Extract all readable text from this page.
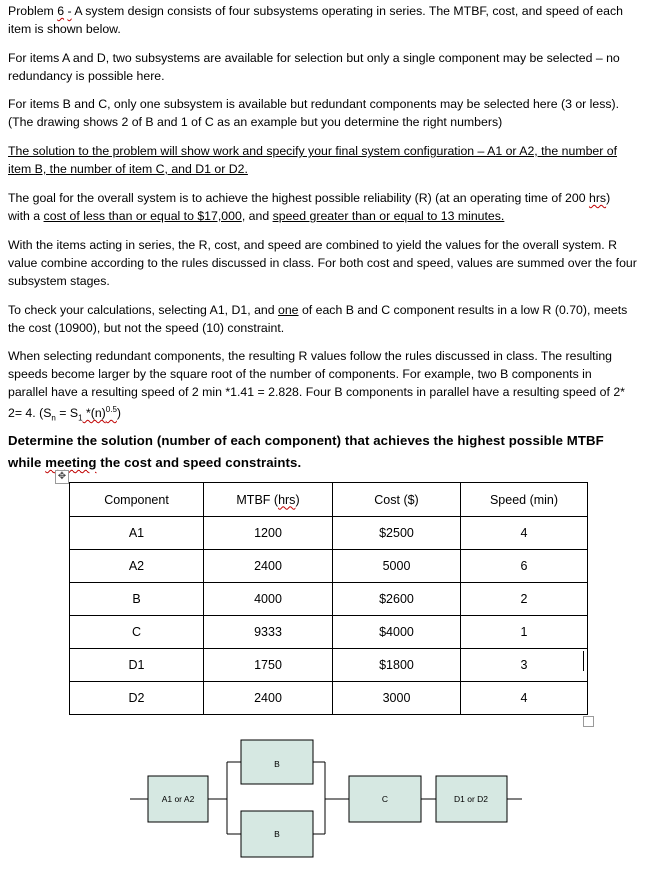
Problem 6 - A system design consists of four subsystems operating in series. The MTBF, cost, and speed of each
item is shown below.

For items A and D, two subsystems are available for selection but only a single component may be selected – no
redundancy is possible here.

For items B and C, only one subsystem is available but redundant components may be selected here (3 or less).
(The drawing shows 2 of B and 1 of C as an example but you determine the right numbers)

The solution to the problem will show work and specify your final system configuration – A1 or A2, the number of
item B, the number of item C, and D1 or D2.

The goal for the overall system is to achieve the highest possible reliability (R) (at an operating time of 200 hrs)
with a cost of less than or equal to $17,000, and speed greater than or equal to 13 minutes.

With the items acting in series, the R, cost, and speed are combined to yield the values for the overall system. R
value combine according to the rules discussed in class. For both cost and speed, values are summed over the four
subsystem stages.

To check your calculations, selecting A1, D1, and one of each B and C component results in a low R (0.70), meets
the cost (10900), but not the speed (10) constraint.

When selecting redundant components, the resulting R values follow the rules discussed in class. The resulting
speeds become larger by the square root of the number of components. For example, two B components in
parallel have a resulting speed of 2 min *1.41 = 2.828. Four B components in parallel have a resulting speed of 2*
2= 4. ($S_n = S_1$ $*(n)^{0.5}$)

Determine the solution (number of each component) that achieves the highest possible MTBF
while meeting the cost and speed constraints.

✥
Component	MTBF (hrs)	Cost ($)	Speed (min)
A1	1200	$2500	4
A2	2400	5000	6
B	4000	$2600	2
C	9333	$4000	1
D1	1750	$1800	3
D2	2400	3000	4
A1 or A2
B
B
C	D1 or D2
